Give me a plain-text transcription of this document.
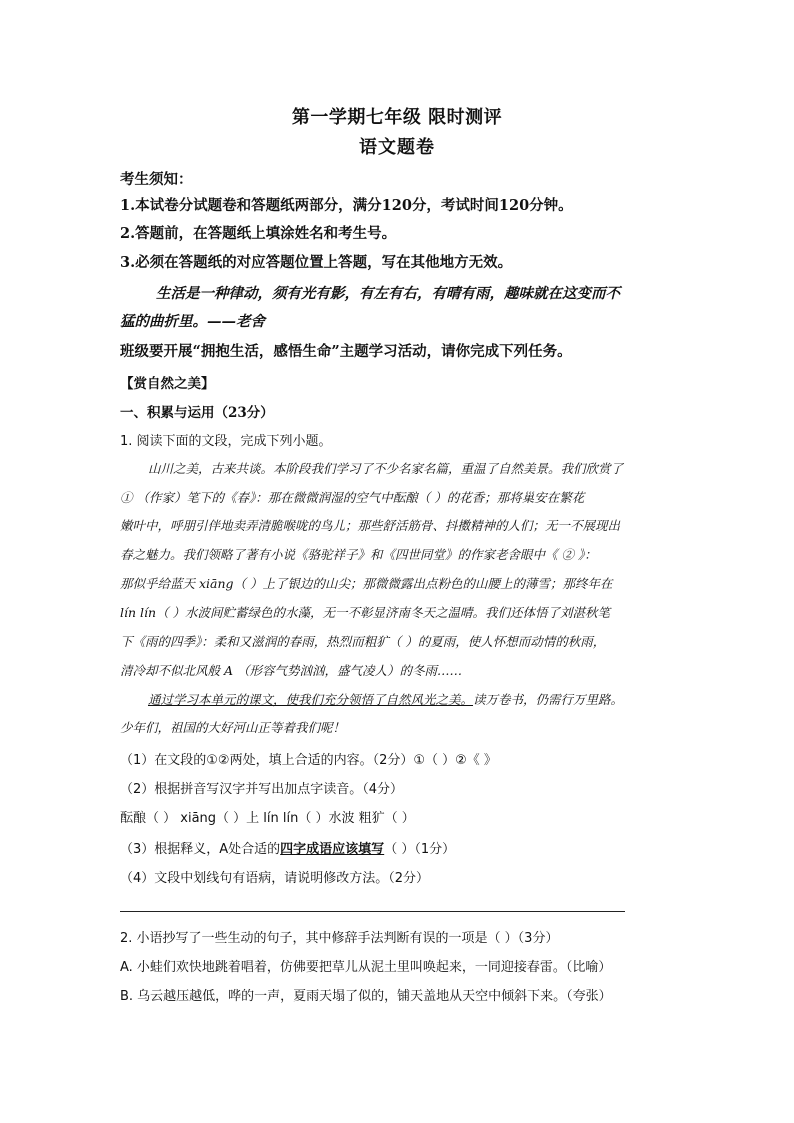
第一学期七年级 限时测评
语文题卷
考生须知：
1.本试卷分试题卷和答题纸两部分，满分120分，考试时间120分钟。
2.答题前，在答题纸上填涂姓名和考生号。
3.必须在答题纸的对应答题位置上答题，写在其他地方无效。
生活是一种律动，须有光有影，有左有右，有晴有雨，趣味就在这变而不
猛的曲折里。——老舍
班级要开展“拥抱生活，感悟生命”主题学习活动，请你完成下列任务。
【赏自然之美】
一、积累与运用（23分）
1. 阅读下面的文段，完成下列小题。
山川之美，古来共谈。本阶段我们学习了不少名家名篇，重温了自然美景。我们欣赏了
① （作家）笔下的《春》：那在微微润湿的空气中酝酿（ ）的花香；那将巢安在繁花
嫩叶中，呼朋引伴地卖弄清脆喉咙的鸟儿；那些舒活筋骨、抖擞精神的人们；无一不展现出
春之魅力。我们领略了著有小说《骆驼祥子》和《四世同堂》的作家老舍眼中《 ② 》：
那似乎给蓝天 xiāng（ ）上了银边的山尖；那微微露出点粉色的山腰上的薄雪；那终年在
lín lín（ ）水波间贮蓄绿色的水藻，无一不彰显济南冬天之温晴。我们还体悟了刘湛秋笔
下《雨的四季》：柔和又滋润的春雨，热烈而粗犷（ ）的夏雨，使人怀想而动情的秋雨，
清冷却不似北风般 A （形容气势汹汹，盛气凌人）的冬雨……
通过学习本单元的课文，使我们充分领悟了自然风光之美。读万卷书，仍需行万里路。
少年们，祖国的大好河山正等着我们呢！
（1）在文段的①②两处，填上合适的内容。（2分）①（ ）②《 》
（2）根据拼音写汉字并写出加点字读音。（4分）
酝酿（ ） xiāng（ ）上 lín lín（ ）水波 粗犷（ ）
（3）根据释义，A处合适的四字成语应该填写（ ）（1分）
（4）文段中划线句有语病，请说明修改方法。（2分）
2. 小语抄写了一些生动的句子，其中修辞手法判断有误的一项是（ ）（3分）
A. 小蛙们欢快地跳着唱着，仿佛要把草儿从泥土里叫唤起来，一同迎接春雷。（比喻）
B. 乌云越压越低，哗的一声，夏雨天塌了似的，铺天盖地从天空中倾斜下来。（夸张）
